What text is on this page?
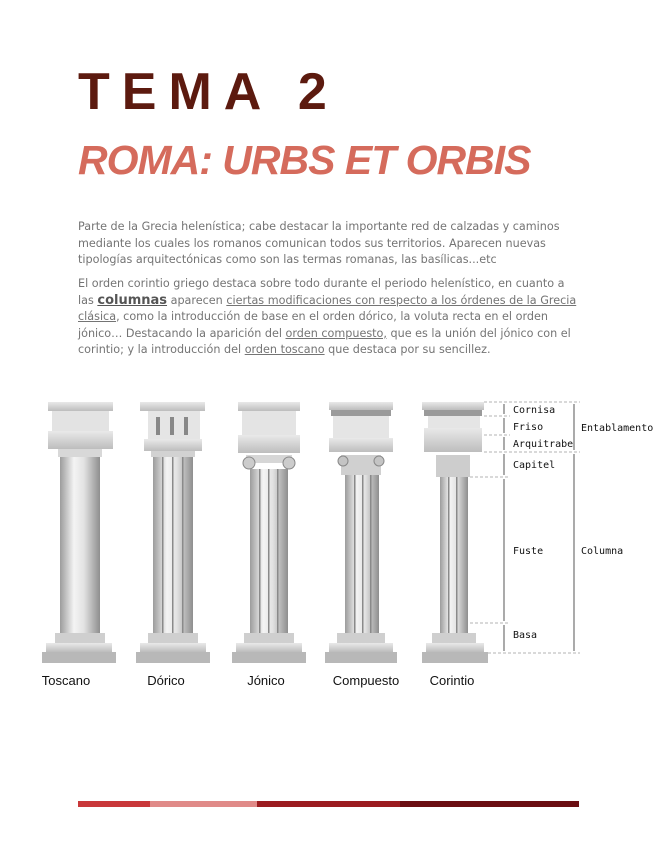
TEMA 2
ROMA: URBS ET ORBIS

Parte de la Grecia helenística; cabe destacar la importante red de calzadas y caminos mediante los cuales los romanos comunican todos sus territorios. Aparecen nuevas tipologías arquitectónicas como son las termas romanas, las basílicas...etc

El orden corintio griego destaca sobre todo durante el periodo helenístico, en cuanto a las columnas aparecen ciertas modificaciones con respecto a los órdenes de la Grecia clásica, como la introducción de base en el orden dórico, la voluta recta en el orden jónico… Destacando la aparición del orden compuesto, que es la unión del jónico con el corintio; y la introducción del orden toscano que destaca por su sencillez.

Cornisa
Friso
Arquitrabe
Capitel
Fuste
Basa
Entablamento
Columna
Toscano	Dórico	Jónico	Compuesto Corintio
